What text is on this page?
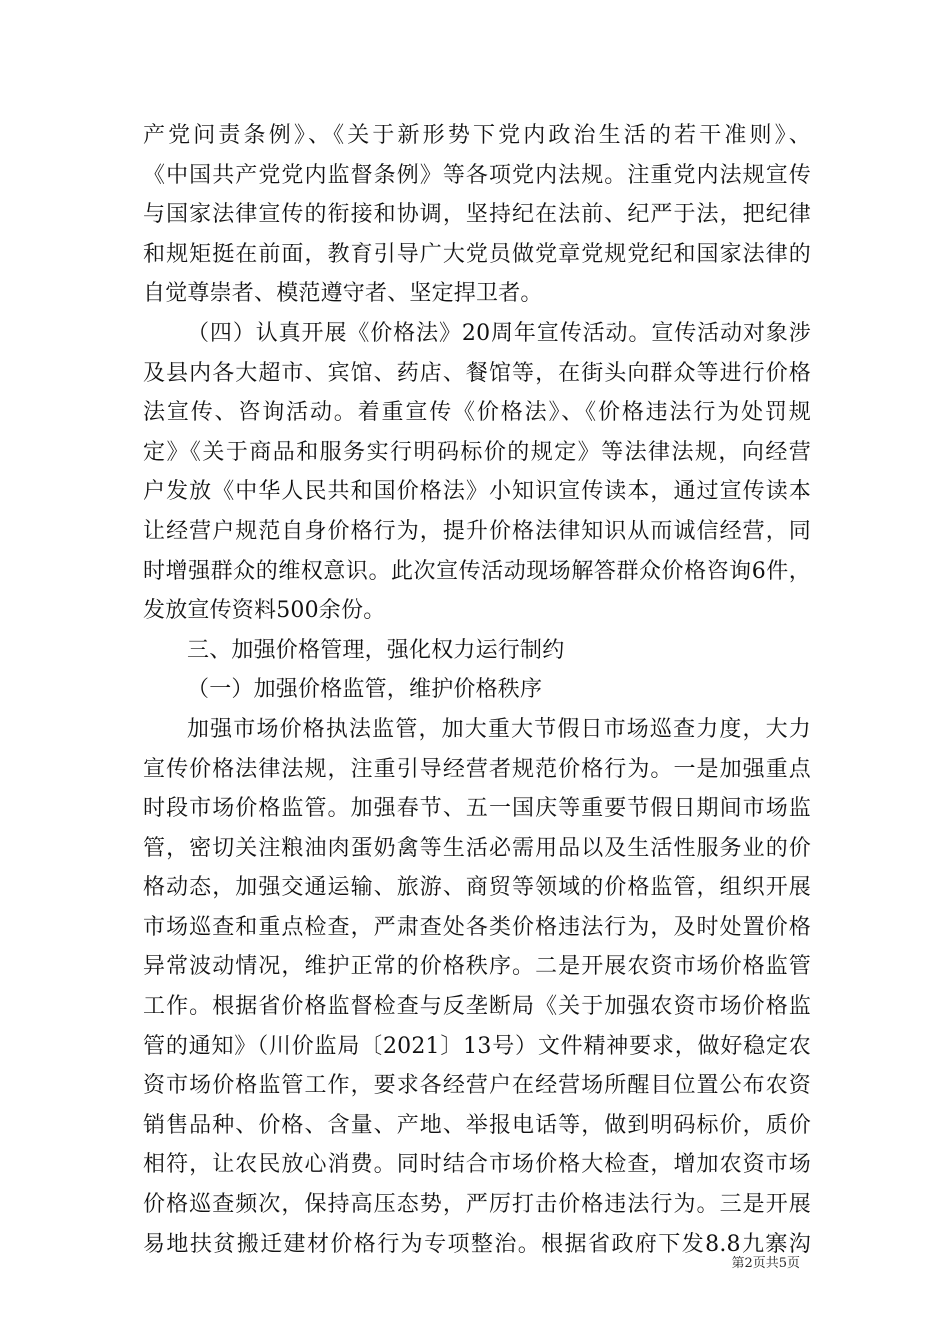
产党问责条例》、《关于新形势下党内政治生活的若干准则》、
《中国共产党党内监督条例》等各项党内法规。注重党内法规宣传
与国家法律宣传的衔接和协调，坚持纪在法前、纪严于法，把纪律
和规矩挺在前面，教育引导广大党员做党章党规党纪和国家法律的
自觉尊崇者、模范遵守者、坚定捍卫者。
（四）认真开展《价格法》20周年宣传活动。宣传活动对象涉
及县内各大超市、宾馆、药店、餐馆等，在街头向群众等进行价格
法宣传、咨询活动。着重宣传《价格法》、《价格违法行为处罚规
定》《关于商品和服务实行明码标价的规定》等法律法规，向经营
户发放《中华人民共和国价格法》小知识宣传读本，通过宣传读本
让经营户规范自身价格行为，提升价格法律知识从而诚信经营，同
时增强群众的维权意识。此次宣传活动现场解答群众价格咨询6件，
发放宣传资料500余份。
三、加强价格管理，强化权力运行制约
（一）加强价格监管，维护价格秩序
加强市场价格执法监管，加大重大节假日市场巡查力度，大力
宣传价格法律法规，注重引导经营者规范价格行为。一是加强重点
时段市场价格监管。加强春节、五一国庆等重要节假日期间市场监
管，密切关注粮油肉蛋奶禽等生活必需用品以及生活性服务业的价
格动态，加强交通运输、旅游、商贸等领域的价格监管，组织开展
市场巡查和重点检查，严肃查处各类价格违法行为，及时处置价格
异常波动情况，维护正常的价格秩序。二是开展农资市场价格监管
工作。根据省价格监督检查与反垄断局《关于加强农资市场价格监
管的通知》（川价监局〔2021〕13号）文件精神要求，做好稳定农
资市场价格监管工作，要求各经营户在经营场所醒目位置公布农资
销售品种、价格、含量、产地、举报电话等，做到明码标价，质价
相符，让农民放心消费。同时结合市场价格大检查，增加农资市场
价格巡查频次，保持高压态势，严厉打击价格违法行为。三是开展
易地扶贫搬迁建材价格行为专项整治。根据省政府下发8.8九寨沟
第2页共5页
